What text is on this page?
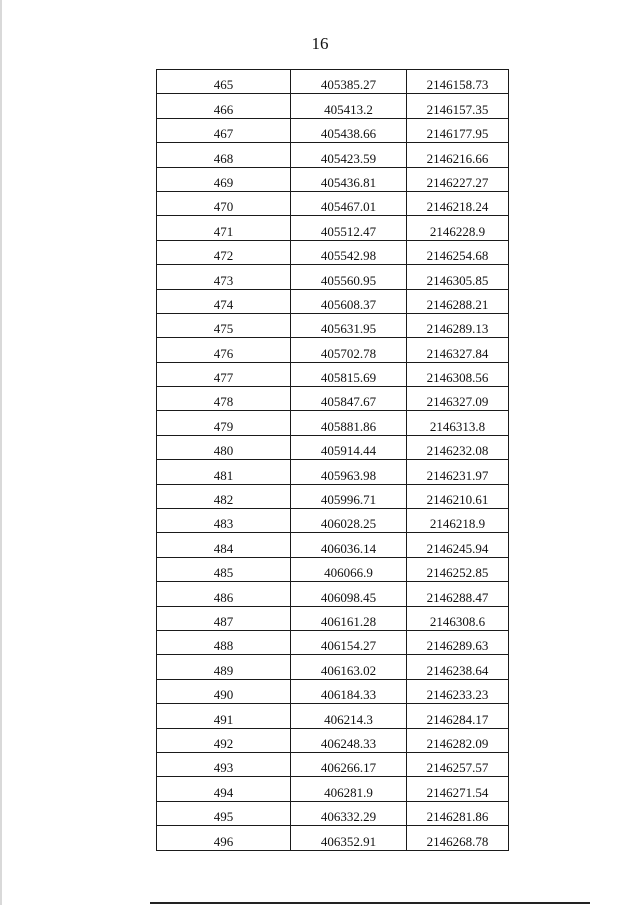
16
465	405385.27	2146158.73
466	405413.2	2146157.35
467	405438.66	2146177.95
468	405423.59	2146216.66
469	405436.81	2146227.27
470	405467.01	2146218.24
471	405512.47	2146228.9
472	405542.98	2146254.68
473	405560.95	2146305.85
474	405608.37	2146288.21
475	405631.95	2146289.13
476	405702.78	2146327.84
477	405815.69	2146308.56
478	405847.67	2146327.09
479	405881.86	2146313.8
480	405914.44	2146232.08
481	405963.98	2146231.97
482	405996.71	2146210.61
483	406028.25	2146218.9
484	406036.14	2146245.94
485	406066.9	2146252.85
486	406098.45	2146288.47
487	406161.28	2146308.6
488	406154.27	2146289.63
489	406163.02	2146238.64
490	406184.33	2146233.23
491	406214.3	2146284.17
492	406248.33	2146282.09
493	406266.17	2146257.57
494	406281.9	2146271.54
495	406332.29	2146281.86
496	406352.91	2146268.78
